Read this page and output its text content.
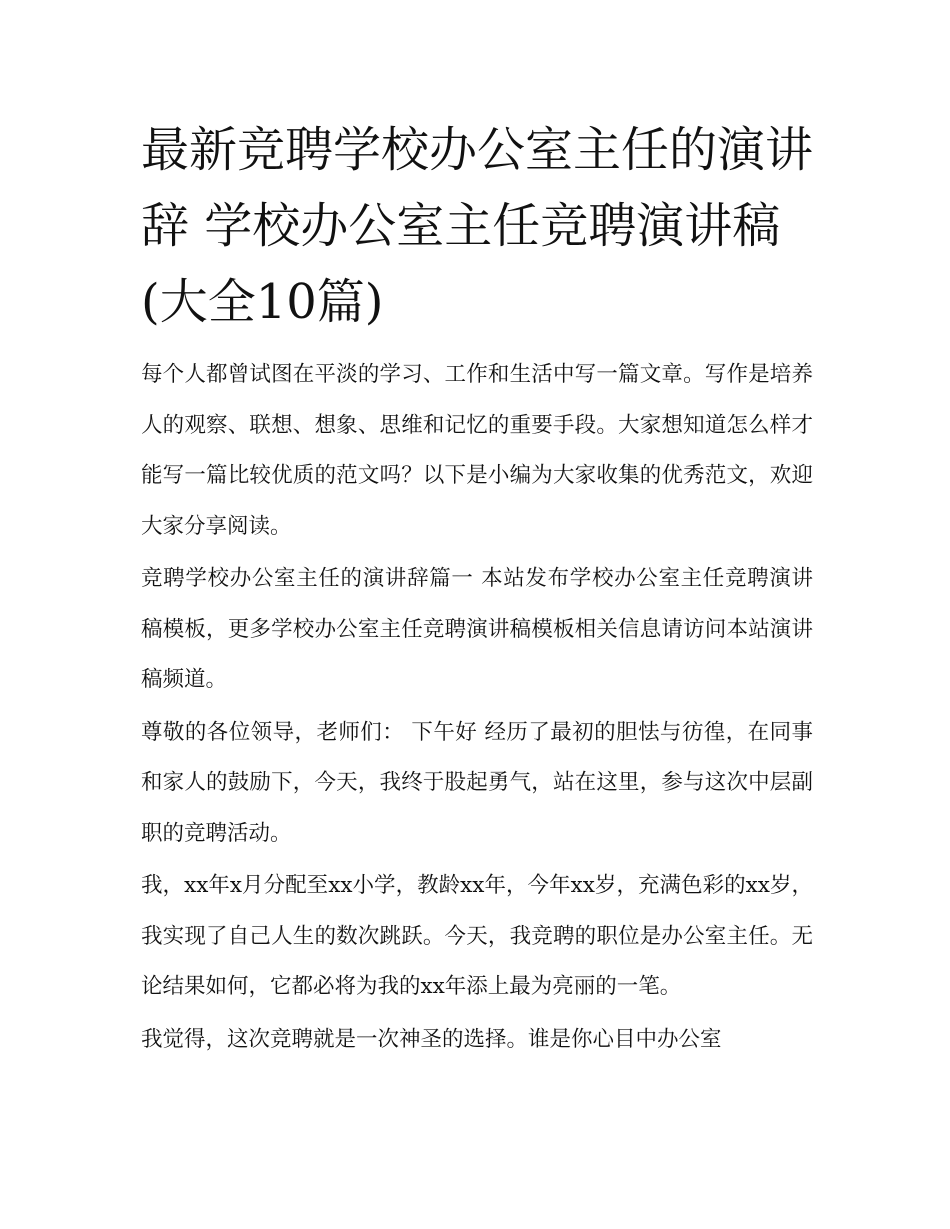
最新竞聘学校办公室主任的演讲辞 学校办公室主任竞聘演讲稿(大全10篇)

每个人都曾试图在平淡的学习、工作和生活中写一篇文章。写作是培养人的观察、联想、想象、思维和记忆的重要手段。大家想知道怎么样才能写一篇比较优质的范文吗？以下是小编为大家收集的优秀范文，欢迎大家分享阅读。

竞聘学校办公室主任的演讲辞篇一 本站发布学校办公室主任竞聘演讲稿模板，更多学校办公室主任竞聘演讲稿模板相关信息请访问本站演讲稿频道。

尊敬的各位领导，老师们： 下午好 经历了最初的胆怯与彷徨，在同事和家人的鼓励下，今天，我终于股起勇气，站在这里，参与这次中层副职的竞聘活动。

我，xx年x月分配至xx小学，教龄xx年，今年xx岁，充满色彩的xx岁，我实现了自己人生的数次跳跃。今天，我竞聘的职位是办公室主任。无论结果如何，它都必将为我的xx年添上最为亮丽的一笔。

我觉得，这次竞聘就是一次神圣的选择。谁是你心目中办公室
